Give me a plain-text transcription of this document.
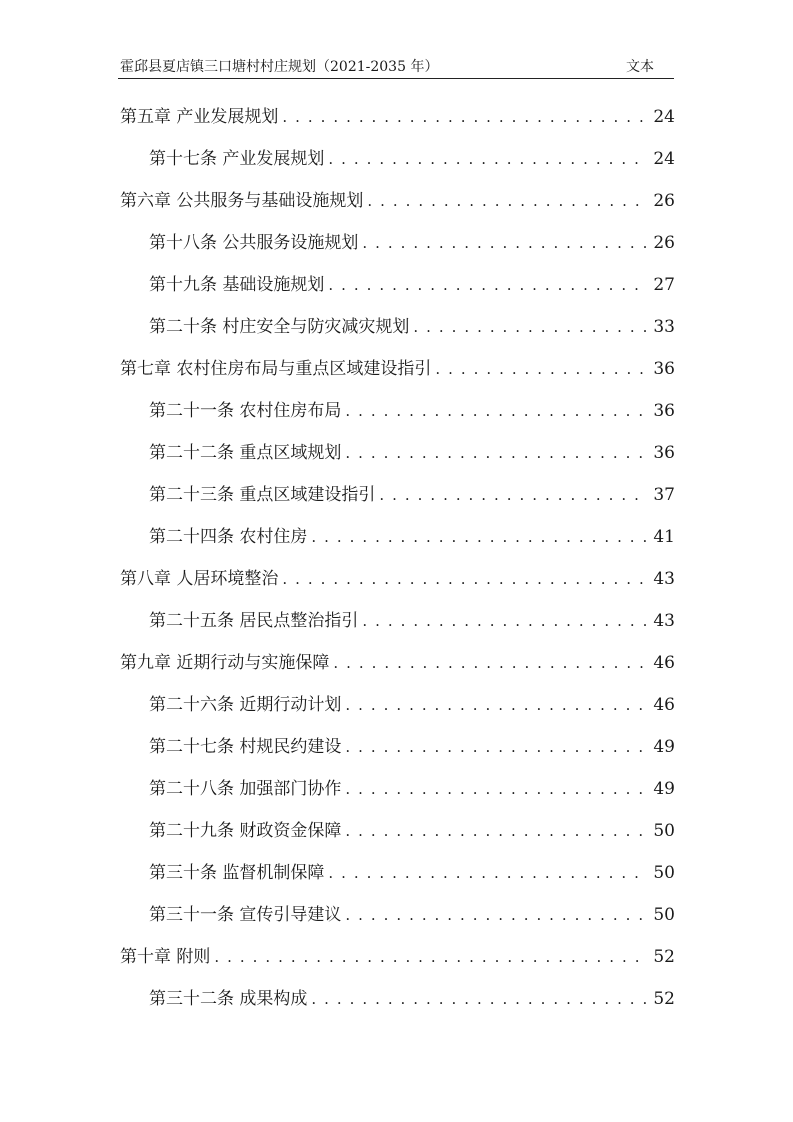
霍邱县夏店镇三口塘村村庄规划（2021-2035 年）	文本
第五章 产业发展规划 . . .	24
第十七条 产业发展规划 . . .	24
第六章 公共服务与基础设施规划 . . .	26
第十八条 公共服务设施规划 . . .	26
第十九条 基础设施规划 . . .	27
第二十条 村庄安全与防灾减灾规划 . . .	33
第七章 农村住房布局与重点区域建设指引 . . .	36
第二十一条 农村住房布局 . . .	36
第二十二条 重点区域规划 . . .	36
第二十三条 重点区域建设指引 . . .	37
第二十四条 农村住房 . . .	41
第八章 人居环境整治 . . .	43
第二十五条 居民点整治指引 . . .	43
第九章 近期行动与实施保障 . . .	46
第二十六条 近期行动计划 . . .	46
第二十七条 村规民约建设 . . .	49
第二十八条 加强部门协作 . . .	49
第二十九条 财政资金保障 . . .	50
第三十条 监督机制保障 . . .	50
第三十一条 宣传引导建议 . . .	50
第十章 附则 . . .	52
第三十二条 成果构成 . . .	52
